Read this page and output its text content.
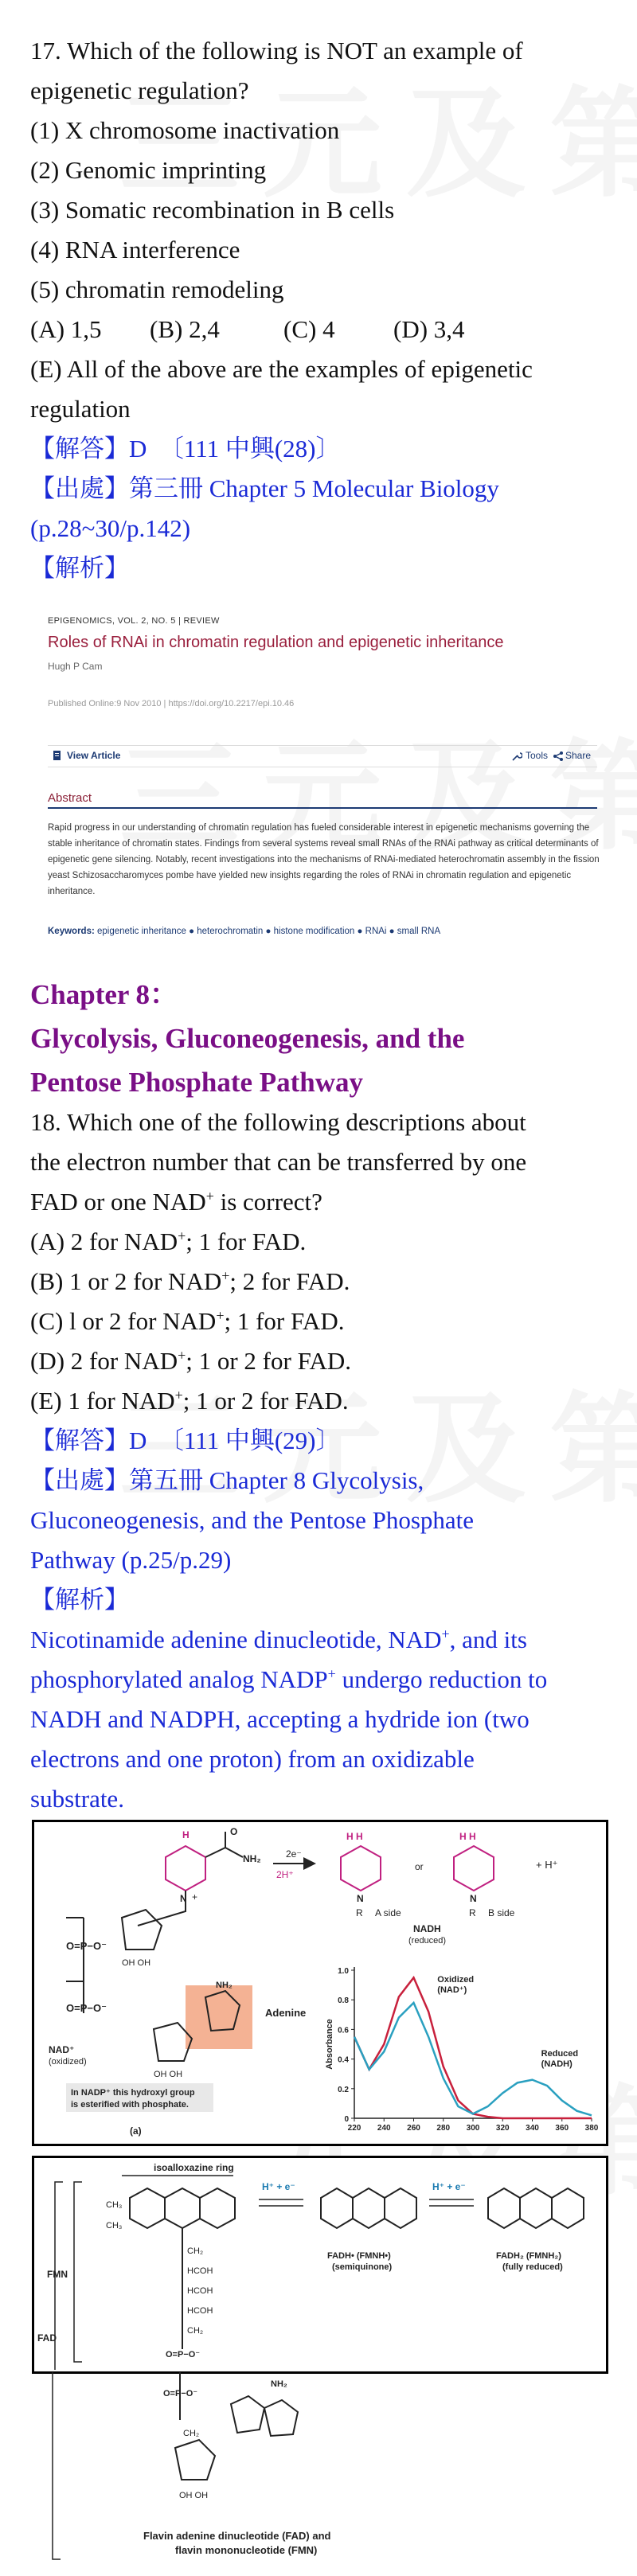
17. Which of the following is NOT an example of
epigenetic regulation?
(1) X chromosome inactivation
(2) Genomic imprinting
(3) Somatic recombination in B cells
(4) RNA interference
(5) chromatin remodeling
(A) 1,5 (B) 2,4	(C) 4 (D) 3,4
(E) All of the above are the examples of epigenetic
regulation
【解答】D　〔111 中興(28)〕
【出處】第三冊 Chapter 5 Molecular Biology
(p.28~30/p.142)
【解析】
EPIGENOMICS, VOL. 2, NO. 5 | REVIEW
Roles of RNAi in chromatin regulation and epigenetic inheritance
Hugh P Cam
Published Online:9 Nov 2010 | https://doi.org/10.2217/epi.10.46
View Article	Tools Share
Abstract
Rapid progress in our understanding of chromatin regulation has fueled considerable interest in epigenetic mechanisms governing the stable inheritance of chromatin states. Findings from several systems reveal small RNAs of the RNAi pathway as critical determinants of epigenetic gene silencing. Notably, recent investigations into the mechanisms of RNAi-mediated heterochromatin assembly in the fission yeast Schizosaccharomyces pombe have yielded new insights regarding the roles of RNAi in chromatin regulation and epigenetic inheritance.
Keywords: epigenetic inheritance ● heterochromatin ● histone modification ● RNAi ● small RNA
Chapter 8：
Glycolysis, Gluconeogenesis, and the
Pentose Phosphate Pathway
18. Which one of the following descriptions about
the electron number that can be transferred by one
FAD or one NAD+ is correct?
(A) 2 for NAD+; 1 for FAD.
(B) 1 or 2 for NAD+; 2 for FAD.
(C) l or 2 for NAD+; 1 for FAD.
(D) 2 for NAD+; 1 or 2 for FAD.
(E) 1 for NAD+; 1 or 2 for FAD.
【解答】D　〔111 中興(29)〕
【出處】第五冊 Chapter 8 Glycolysis,
Gluconeogenesis, and the Pentose Phosphate
Pathway (p.25/p.29)
【解析】
Nicotinamide adenine dinucleotide, NAD+, and its
phosphorylated analog NADP+ undergo reduction to
NADH and NADPH, accepting a hydride ion (two
electrons and one proton) from an oxidizable
substrate.
H
N +
O
NH₂	2e⁻
2H⁺
H H
N
R A side
or
H H
N
R B side
+ H⁺
NADH
(reduced)
O=P−O⁻
O=P−O⁻
OH OH
NH₂
Adenine
OH OH
NAD⁺
(oxidized)
In NADP⁺ this hydroxyl group
is esterified with phosphate.
(a)
0
0.2
0.4
0.6
0.8
1.0
220 240 260 280 300 320 340 360 380
Absorbance
Oxidized
(NAD⁺)
Reduced
(NADH)
isoalloxazine ring
CH₂
HCOH
HCOH
HCOH
CH₂
O=P−O⁻
CH₃
CH₃
FMN
FAD
H⁺ + e⁻
FADH• (FMNH•)
(semiquinone)
H⁺ + e⁻
FADH₂ (FMNH₂)
(fully reduced)
O=P−O⁻
CH₂
OH OH
NH₂
Flavin adenine dinucleotide (FAD) and
flavin mononucleotide (FMN)
